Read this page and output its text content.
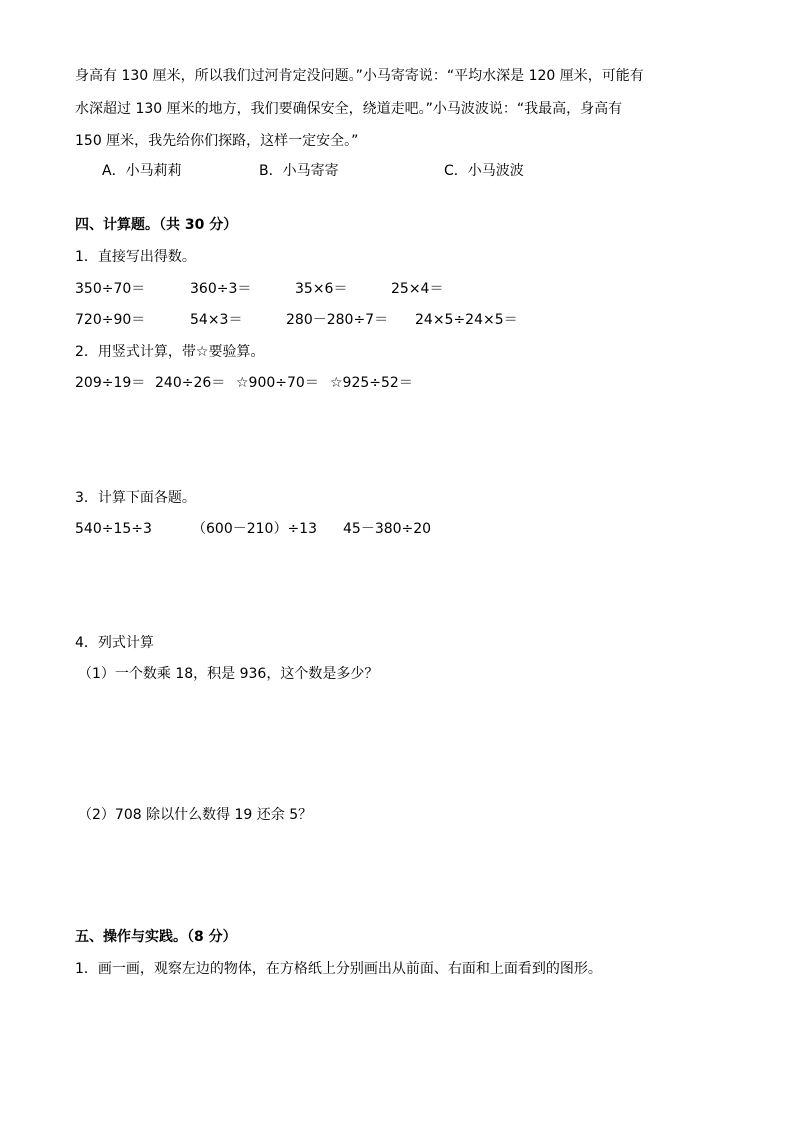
身高有 130 厘米，所以我们过河肯定没问题。”小马寄寄说：“平均水深是 120 厘米，可能有
水深超过 130 厘米的地方，我们要确保安全，绕道走吧。”小马波波说：“我最高，身高有
150 厘米，我先给你们探路，这样一定安全。”
A．小马莉莉	B．小马寄寄	C．小马波波
四、计算题。（共 30 分）
1．直接写出得数。
350÷70＝	360÷3＝	35×6＝	25×4＝
720÷90＝	54×3＝	280－280÷7＝ 24×5÷24×5＝
2．用竖式计算，带☆要验算。
209÷19＝ 240÷26＝ ☆900÷70＝ ☆925÷52＝
3．计算下面各题。
540÷15÷3	（600－210）÷13 45－380÷20
4．列式计算
（1）一个数乘 18，积是 936，这个数是多少？
（2）708 除以什么数得 19 还余 5？
五、操作与实践。（8 分）
1．画一画，观察左边的物体，在方格纸上分别画出从前面、右面和上面看到的图形。
